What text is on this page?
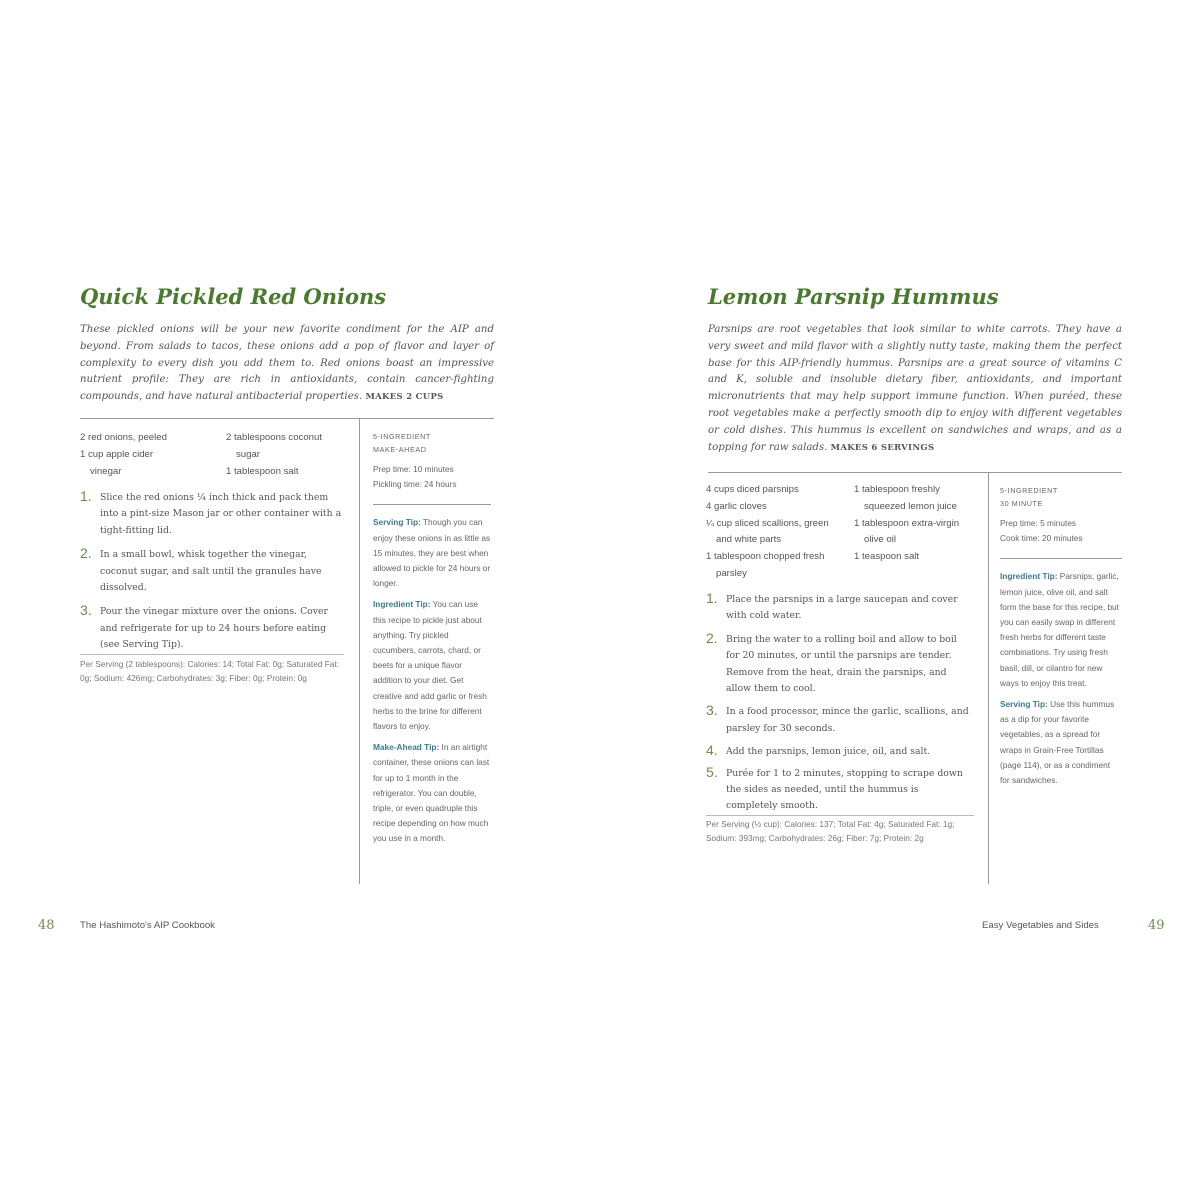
Quick Pickled Red Onions

These pickled onions will be your new favorite condiment for the AIP and beyond. From salads to tacos, these onions add a pop of flavor and layer of complexity to every dish you add them to. Red onions boast an impressive nutrient profile: They are rich in antioxidants, contain cancer-fighting compounds, and have natural antibacterial properties. MAKES 2 CUPS

2 red onions, peeled
1 cup apple cider vinegar
2 tablespoons coconut sugar
1 tablespoon salt
1. Slice the red onions ¼ inch thick and pack them into a pint-size Mason jar or other container with a tight-fitting lid.
2. In a small bowl, whisk together the vinegar, coconut sugar, and salt until the granules have dissolved.
3. Pour the vinegar mixture over the onions. Cover and refrigerate for up to 24 hours before eating (see Serving Tip).

Per Serving (2 tablespoons): Calories: 14; Total Fat: 0g; Saturated Fat: 0g; Sodium: 426mg; Carbohydrates: 3g; Fiber: 0g; Protein: 0g

5-INGREDIENT
MAKE-AHEAD
Prep time: 10 minutes
Pickling time: 24 hours
Serving Tip: Though you can enjoy these onions in as little as 15 minutes, they are best when allowed to pickle for 24 hours or longer.
Ingredient Tip: You can use this recipe to pickle just about anything. Try pickled cucumbers, carrots, chard, or beets for a unique flavor addition to your diet. Get creative and add garlic or fresh herbs to the brine for different flavors to enjoy.
Make-Ahead Tip: In an airtight container, these onions can last for up to 1 month in the refrigerator. You can double, triple, or even quadruple this recipe depending on how much you use in a month.
48	The Hashimoto's AIP Cookbook
Lemon Parsnip Hummus

Parsnips are root vegetables that look similar to white carrots. They have a very sweet and mild flavor with a slightly nutty taste, making them the perfect base for this AIP-friendly hummus. Parsnips are a great source of vitamins C and K, soluble and insoluble dietary fiber, antioxidants, and important micronutrients that may help support immune function. When puréed, these root vegetables make a perfectly smooth dip to enjoy with different vegetables or cold dishes. This hummus is excellent on sandwiches and wraps, and as a topping for raw salads. MAKES 6 SERVINGS

4 cups diced parsnips
4 garlic cloves
¼ cup sliced scallions, green and white parts
1 tablespoon chopped fresh parsley
1 tablespoon freshly squeezed lemon juice
1 tablespoon extra-virgin olive oil
1 teaspoon salt
1. Place the parsnips in a large saucepan and cover with cold water.
2. Bring the water to a rolling boil and allow to boil for 20 minutes, or until the parsnips are tender. Remove from the heat, drain the parsnips, and allow them to cool.
3. In a food processor, mince the garlic, scallions, and parsley for 30 seconds.
4. Add the parsnips, lemon juice, oil, and salt.
5. Purée for 1 to 2 minutes, stopping to scrape down the sides as needed, until the hummus is completely smooth.

Per Serving (½ cup): Calories: 137; Total Fat: 4g; Saturated Fat: 1g; Sodium: 393mg; Carbohydrates: 26g; Fiber: 7g; Protein: 2g

5-INGREDIENT
30 MINUTE
Prep time: 5 minutes
Cook time: 20 minutes
Ingredient Tip: Parsnips, garlic, lemon juice, olive oil, and salt form the base for this recipe, but you can easily swap in different fresh herbs for different taste combinations. Try using fresh basil, dill, or cilantro for new ways to enjoy this treat.
Serving Tip: Use this hummus as a dip for your favorite vegetables, as a spread for wraps in Grain-Free Tortillas (page 114), or as a condiment for sandwiches.
Easy Vegetables and Sides	49
